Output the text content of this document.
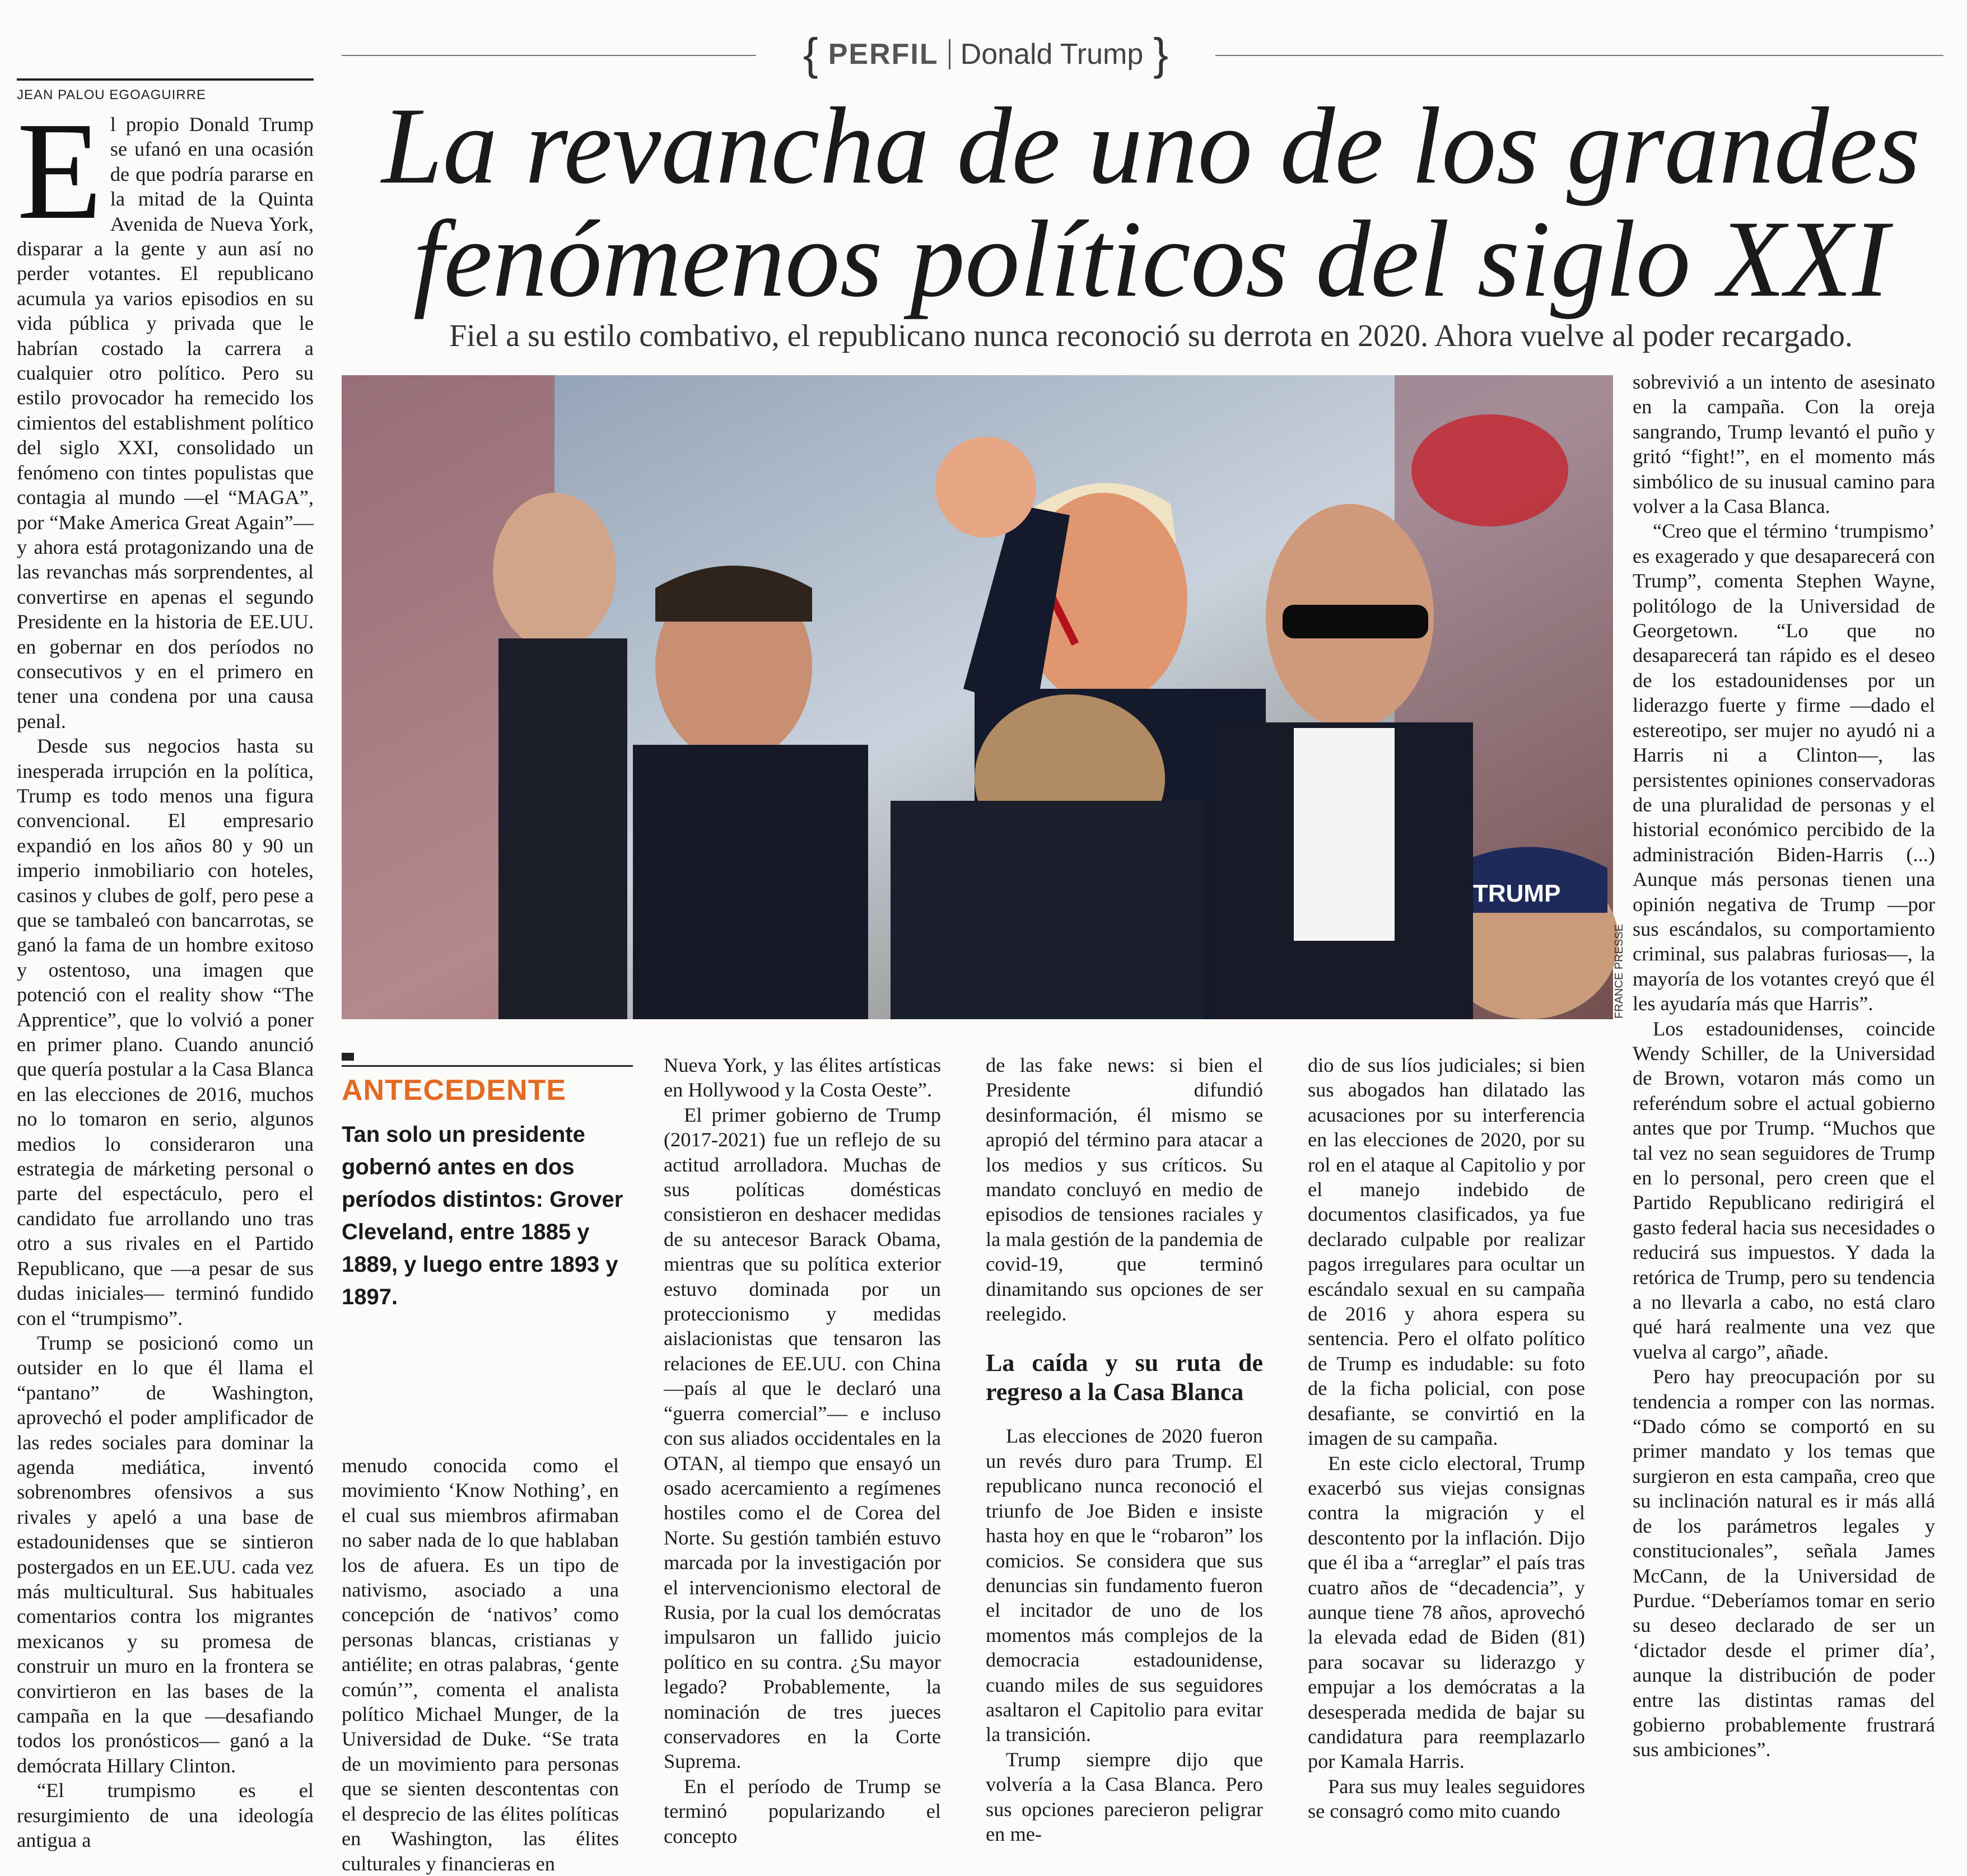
{ PERFIL Donald Trump }
JEAN PALOU EGOAGUIRRE	La revancha de uno de los grandes fenómenos políticos del siglo XXI
Fiel a su estilo combativo, el republicano nunca reconoció su derrota en 2020. Ahora vuelve al poder recargado.
E l propio Donald Trump se ufanó en una ocasión de que podría pararse en la mitad de la Quinta Avenida de Nueva York, disparar a la gente y aun así no perder votantes. El republicano acumula ya varios episodios en su vida pública y privada que le habrían costado la carrera a cualquier otro político. Pero su estilo provocador ha remecido los cimientos del establishment político del siglo XXI, consolidado un fenómeno con tintes populistas que contagia al mundo —el “MAGA”, por “Make America Great Again”— y ahora está protagonizando una de las revanchas más sorprendentes, al convertirse en apenas el segundo Presidente en la historia de EE.UU. en gobernar en dos períodos no consecutivos y en el primero en tener una condena por una causa penal.

Desde sus negocios hasta su inesperada irrupción en la política, Trump es todo menos una figura convencional. El empresario expandió en los años 80 y 90 un imperio inmobiliario con hoteles, casinos y clubes de golf, pero pese a que se tambaleó con bancarrotas, se ganó la fama de un hombre exitoso y ostentoso, una imagen que potenció con el reality show “The Apprentice”, que lo volvió a poner en primer plano. Cuando anunció que quería postular a la Casa Blanca en las elecciones de 2016, muchos no lo tomaron en serio, algunos medios lo consideraron una estrategia de márketing personal o parte del espectáculo, pero el candidato fue arrollando uno tras otro a sus rivales en el Partido Republicano, que —a pesar de sus dudas iniciales— terminó fundido con el “trumpismo”.

Trump se posicionó como un outsider en lo que él llama el “pantano” de Washington, aprovechó el poder amplificador de las redes sociales para dominar la agenda mediática, inventó sobrenombres ofensivos a sus rivales y apeló a una base de estadounidenses que se sintieron postergados en un EE.UU. cada vez más multicultural. Sus habituales comentarios contra los migrantes mexicanos y su promesa de construir un muro en la frontera se convirtieron en las bases de la campaña en la que —desafiando todos los pronósticos— ganó a la demócrata Hillary Clinton.

“El trumpismo es el resurgimiento de una ideología antigua a

TRUMP
FRANCE PRESSE
ANTECEDENTE
Tan solo un presidente gobernó antes en dos períodos distintos: Grover Cleveland, entre 1885 y 1889, y luego entre 1893 y 1897.

menudo conocida como el movimiento ‘Know Nothing’, en el cual sus miembros afirmaban no saber nada de lo que hablaban los de afuera. Es un tipo de nativismo, asociado a una concepción de ‘nativos’ como personas blancas, cristianas y antiélite; en otras palabras, ‘gente común’”, comenta el analista político Michael Munger, de la Universidad de Duke. “Se trata de un movimiento para personas que se sienten descontentas con el desprecio de las élites políticas en Washington, las élites culturales y financieras en

Nueva York, y las élites artísticas en Hollywood y la Costa Oeste”.

El primer gobierno de Trump (2017-2021) fue un reflejo de su actitud arrolladora. Muchas de sus políticas domésticas consistieron en deshacer medidas de su antecesor Barack Obama, mientras que su política exterior estuvo dominada por un proteccionismo y medidas aislacionistas que tensaron las relaciones de EE.UU. con China —país al que le declaró una “guerra comercial”— e incluso con sus aliados occidentales en la OTAN, al tiempo que ensayó un osado acercamiento a regímenes hostiles como el de Corea del Norte. Su gestión también estuvo marcada por la investigación por el intervencionismo electoral de Rusia, por la cual los demócratas impulsaron un fallido juicio político en su contra. ¿Su mayor legado? Probablemente, la nominación de tres jueces conservadores en la Corte Suprema.

En el período de Trump se terminó popularizando el concepto

de las fake news: si bien el Presidente difundió desinformación, él mismo se apropió del término para atacar a los medios y sus críticos. Su mandato concluyó en medio de episodios de tensiones raciales y la mala gestión de la pandemia de covid-19, que terminó dinamitando sus opciones de ser reelegido.

La caída y su ruta de regreso a la Casa Blanca

Las elecciones de 2020 fueron un revés duro para Trump. El republicano nunca reconoció el triunfo de Joe Biden e insiste hasta hoy en que le “robaron” los comicios. Se considera que sus denuncias sin fundamento fueron el incitador de uno de los momentos más complejos de la democracia estadounidense, cuando miles de sus seguidores asaltaron el Capitolio para evitar la transición.

Trump siempre dijo que volvería a la Casa Blanca. Pero sus opciones parecieron peligrar en me-

dio de sus líos judiciales; si bien sus abogados han dilatado las acusaciones por su interferencia en las elecciones de 2020, por su rol en el ataque al Capitolio y por el manejo indebido de documentos clasificados, ya fue declarado culpable por realizar pagos irregulares para ocultar un escándalo sexual en su campaña de 2016 y ahora espera su sentencia. Pero el olfato político de Trump es indudable: su foto de la ficha policial, con pose desafiante, se convirtió en la imagen de su campaña.

En este ciclo electoral, Trump exacerbó sus viejas consignas contra la migración y el descontento por la inflación. Dijo que él iba a “arreglar” el país tras cuatro años de “decadencia”, y aunque tiene 78 años, aprovechó la elevada edad de Biden (81) para socavar su liderazgo y empujar a los demócratas a la desesperada medida de bajar su candidatura para reemplazarlo por Kamala Harris.

Para sus muy leales seguidores se consagró como mito cuando

sobrevivió a un intento de asesinato en la campaña. Con la oreja sangrando, Trump levantó el puño y gritó “fight!”, en el momento más simbólico de su inusual camino para volver a la Casa Blanca.

“Creo que el término ‘trumpismo’ es exagerado y que desaparecerá con Trump”, comenta Stephen Wayne, politólogo de la Universidad de Georgetown. “Lo que no desaparecerá tan rápido es el deseo de los estadounidenses por un liderazgo fuerte y firme —dado el estereotipo, ser mujer no ayudó ni a Harris ni a Clinton—, las persistentes opiniones conservadoras de una pluralidad de personas y el historial económico percibido de la administración Biden-Harris (...) Aunque más personas tienen una opinión negativa de Trump —por sus escándalos, su comportamiento criminal, sus palabras furiosas—, la mayoría de los votantes creyó que él les ayudaría más que Harris”.

Los estadounidenses, coincide Wendy Schiller, de la Universidad de Brown, votaron más como un referéndum sobre el actual gobierno antes que por Trump. “Muchos que tal vez no sean seguidores de Trump en lo personal, pero creen que el Partido Republicano redirigirá el gasto federal hacia sus necesidades o reducirá sus impuestos. Y dada la retórica de Trump, pero su tendencia a no llevarla a cabo, no está claro qué hará realmente una vez que vuelva al cargo”, añade.

Pero hay preocupación por su tendencia a romper con las normas. “Dado cómo se comportó en su primer mandato y los temas que surgieron en esta campaña, creo que su inclinación natural es ir más allá de los parámetros legales y constitucionales”, señala James McCann, de la Universidad de Purdue. “Deberíamos tomar en serio su deseo declarado de ser un ‘dictador desde el primer día’, aunque la distribución de poder entre las distintas ramas del gobierno probablemente frustrará sus ambiciones”.
